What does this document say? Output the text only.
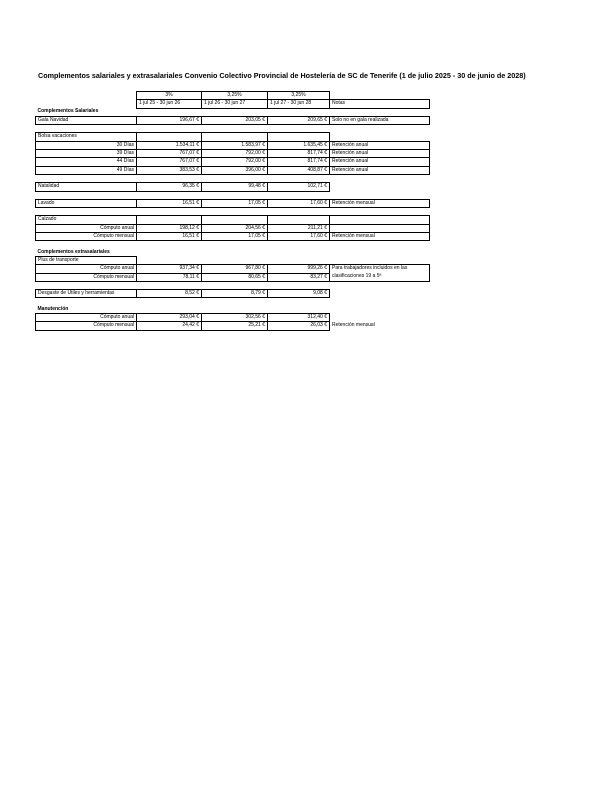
Complementos salariales y extrasalariales Convenio Colectivo Provincial de Hostelería de SC de Tenerife (1 de julio 2025 - 30 de junio de 2028)
	3%	3,25%	3,25%	
	1 jul 25 - 30 jun 26	1 jul 26 - 30 jun 27	1 jul 27 - 30 jun 28	Notas
Complementos Salariales				
Gala Navidad	196,67 €	203,05 €	209,65 €	Solo no en gala realizada

Bolsa vacaciones				
30 Días	1.534,11 €	1.583,97 €	1.635,45 €	Retención anual
39 Días	767,07 €	792,00 €	817,74 €	Retención anual
44 Días	767,07 €	792,00 €	817,74 €	Retención anual
49 Días	383,53 €	396,00 €	408,87 €	Retención anual

Natalidad	96,35 €	99,48 €	102,71 €	

Lavado	16,51 €	17,05 €	17,60 €	Retención mensual

Calzado				
Cómputo anual	198,12 €	204,56 €	211,21 €	
Cómputo mensual	16,51 €	17,05 €	17,60 €	Retención mensual

Complementos extrasalariales				
Plus de transporte				
Cómputo anual	937,34 €	967,80 €	999,26 €	Para trabajadores incluidos en las
Cómputo mensual	78,11 €	80,65 €	83,27 €	clasificaciones 19 a 5ª

Desgaste de Útiles y herramientas	8,52 €	8,79 €	9,08 €	

Manutención				
Cómputo anual	293,04 €	302,56 €	312,40 €	
Cómputo mensual	24,42 €	25,21 €	26,03 €	Retención mensual
